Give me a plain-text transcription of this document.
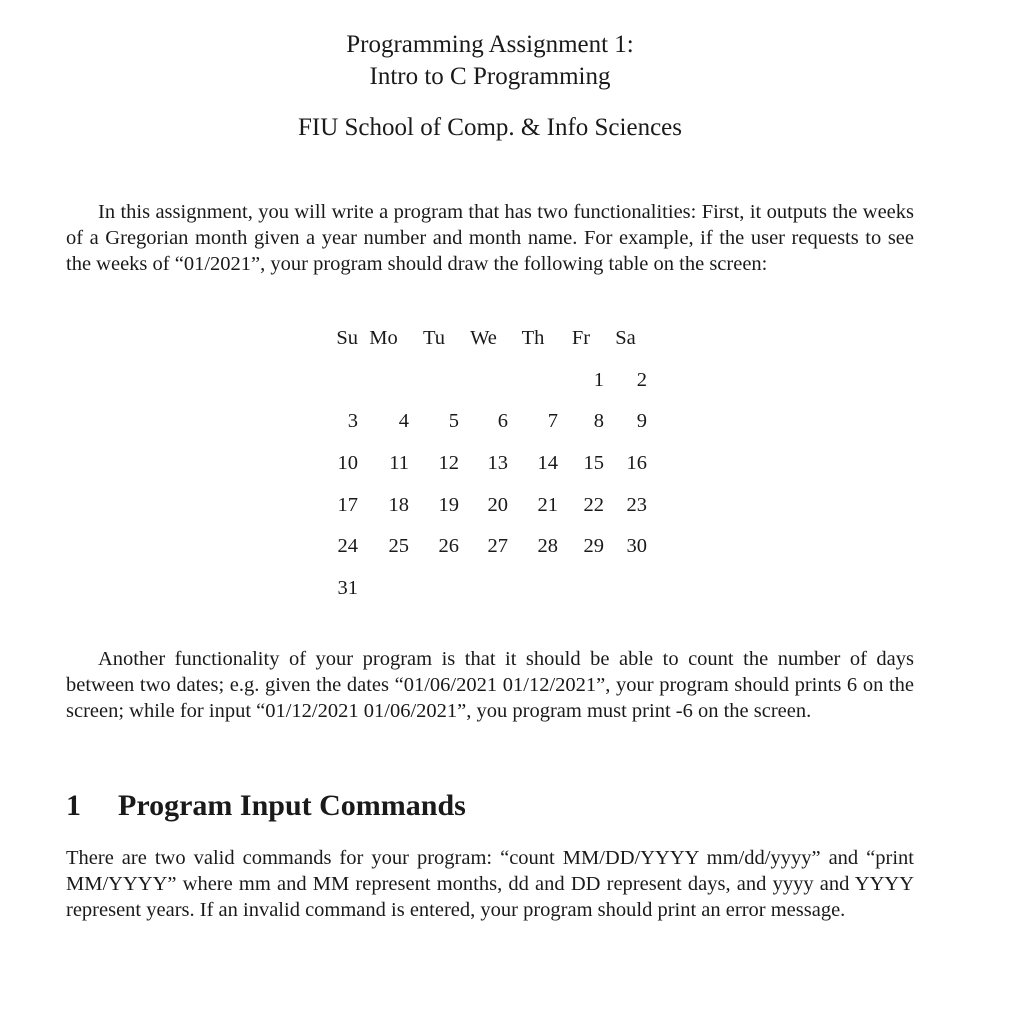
Programming Assignment 1:
Intro to C Programming
FIU School of Comp. & Info Sciences

In this assignment, you will write a program that has two functionalities: First, it outputs the weeks of a Gregorian month given a year number and month name. For example, if the user requests to see the weeks of “01/2021”, your program should draw the following table on the screen:

Su	Mo	Tu	We	Th	Fr	Sa
					1	2
3	4	5	6	7	8	9
10	11	12	13	14	15	16
17	18	19	20	21	22	23
24	25	26	27	28	29	30
31						

Another functionality of your program is that it should be able to count the number of days between two dates; e.g. given the dates “01/06/2021 01/12/2021”, your program should prints 6 on the screen; while for input “01/12/2021 01/06/2021”, you program must print -6 on the screen.

1 Program Input Commands

There are two valid commands for your program: “count MM/DD/YYYY mm/dd/yyyy” and “print MM/YYYY” where mm and MM represent months, dd and DD represent days, and yyyy and YYYY represent years. If an invalid command is entered, your program should print an error message.
